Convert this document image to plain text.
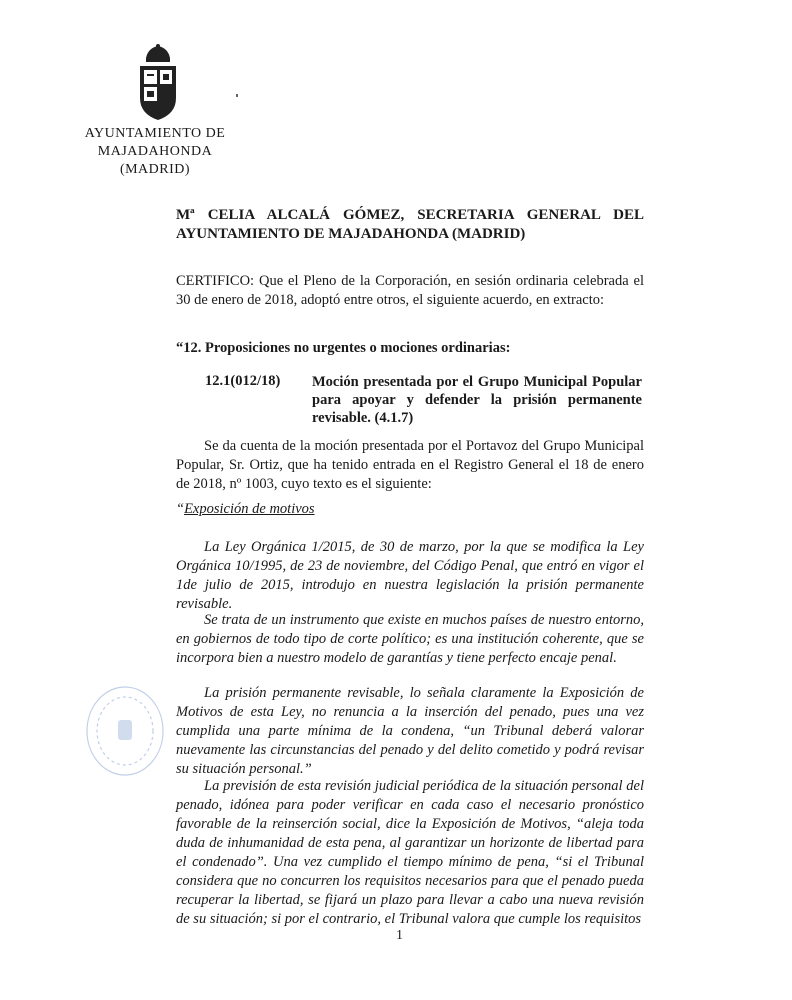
AYUNTAMIENTO DE
MAJADAHONDA
(MADRID)
Mª CELIA ALCALÁ GÓMEZ, SECRETARIA GENERAL DEL
AYUNTAMIENTO DE MAJADAHONDA (MADRID)
CERTIFICO: Que el Pleno de la Corporación, en sesión ordinaria celebrada el 30 de enero de 2018, adoptó entre otros, el siguiente acuerdo, en extracto:
“12. Proposiciones no urgentes o mociones ordinarias:
12.1(012/18) Moción presentada por el Grupo Municipal Popular para apoyar y defender la prisión permanente revisable. (4.1.7)
Se da cuenta de la moción presentada por el Portavoz del Grupo Municipal Popular, Sr. Ortiz, que ha tenido entrada en el Registro General el 18 de enero de 2018, nº 1003, cuyo texto es el siguiente:
“Exposición de motivos
La Ley Orgánica 1/2015, de 30 de marzo, por la que se modifica la Ley Orgánica 10/1995, de 23 de noviembre, del Código Penal, que entró en vigor el 1de julio de 2015, introdujo en nuestra legislación la prisión permanente revisable.
Se trata de un instrumento que existe en muchos países de nuestro entorno, en gobiernos de todo tipo de corte político; es una institución coherente, que se incorpora bien a nuestro modelo de garantías y tiene perfecto encaje penal.
La prisión permanente revisable, lo señala claramente la Exposición de Motivos de esta Ley, no renuncia a la inserción del penado, pues una vez cumplida una parte mínima de la condena, “un Tribunal deberá valorar nuevamente las circunstancias del penado y del delito cometido y podrá revisar su situación personal.”
La previsión de esta revisión judicial periódica de la situación personal del penado, idónea para poder verificar en cada caso el necesario pronóstico favorable de la reinserción social, dice la Exposición de Motivos, “aleja toda duda de inhumanidad de esta pena, al garantizar un horizonte de libertad para el condenado”. Una vez cumplido el tiempo mínimo de pena, “si el Tribunal considera que no concurren los requisitos necesarios para que el penado pueda recuperar la libertad, se fijará un plazo para llevar a cabo una nueva revisión de su situación; si por el contrario, el Tribunal valora que cumple los requisitos
1
